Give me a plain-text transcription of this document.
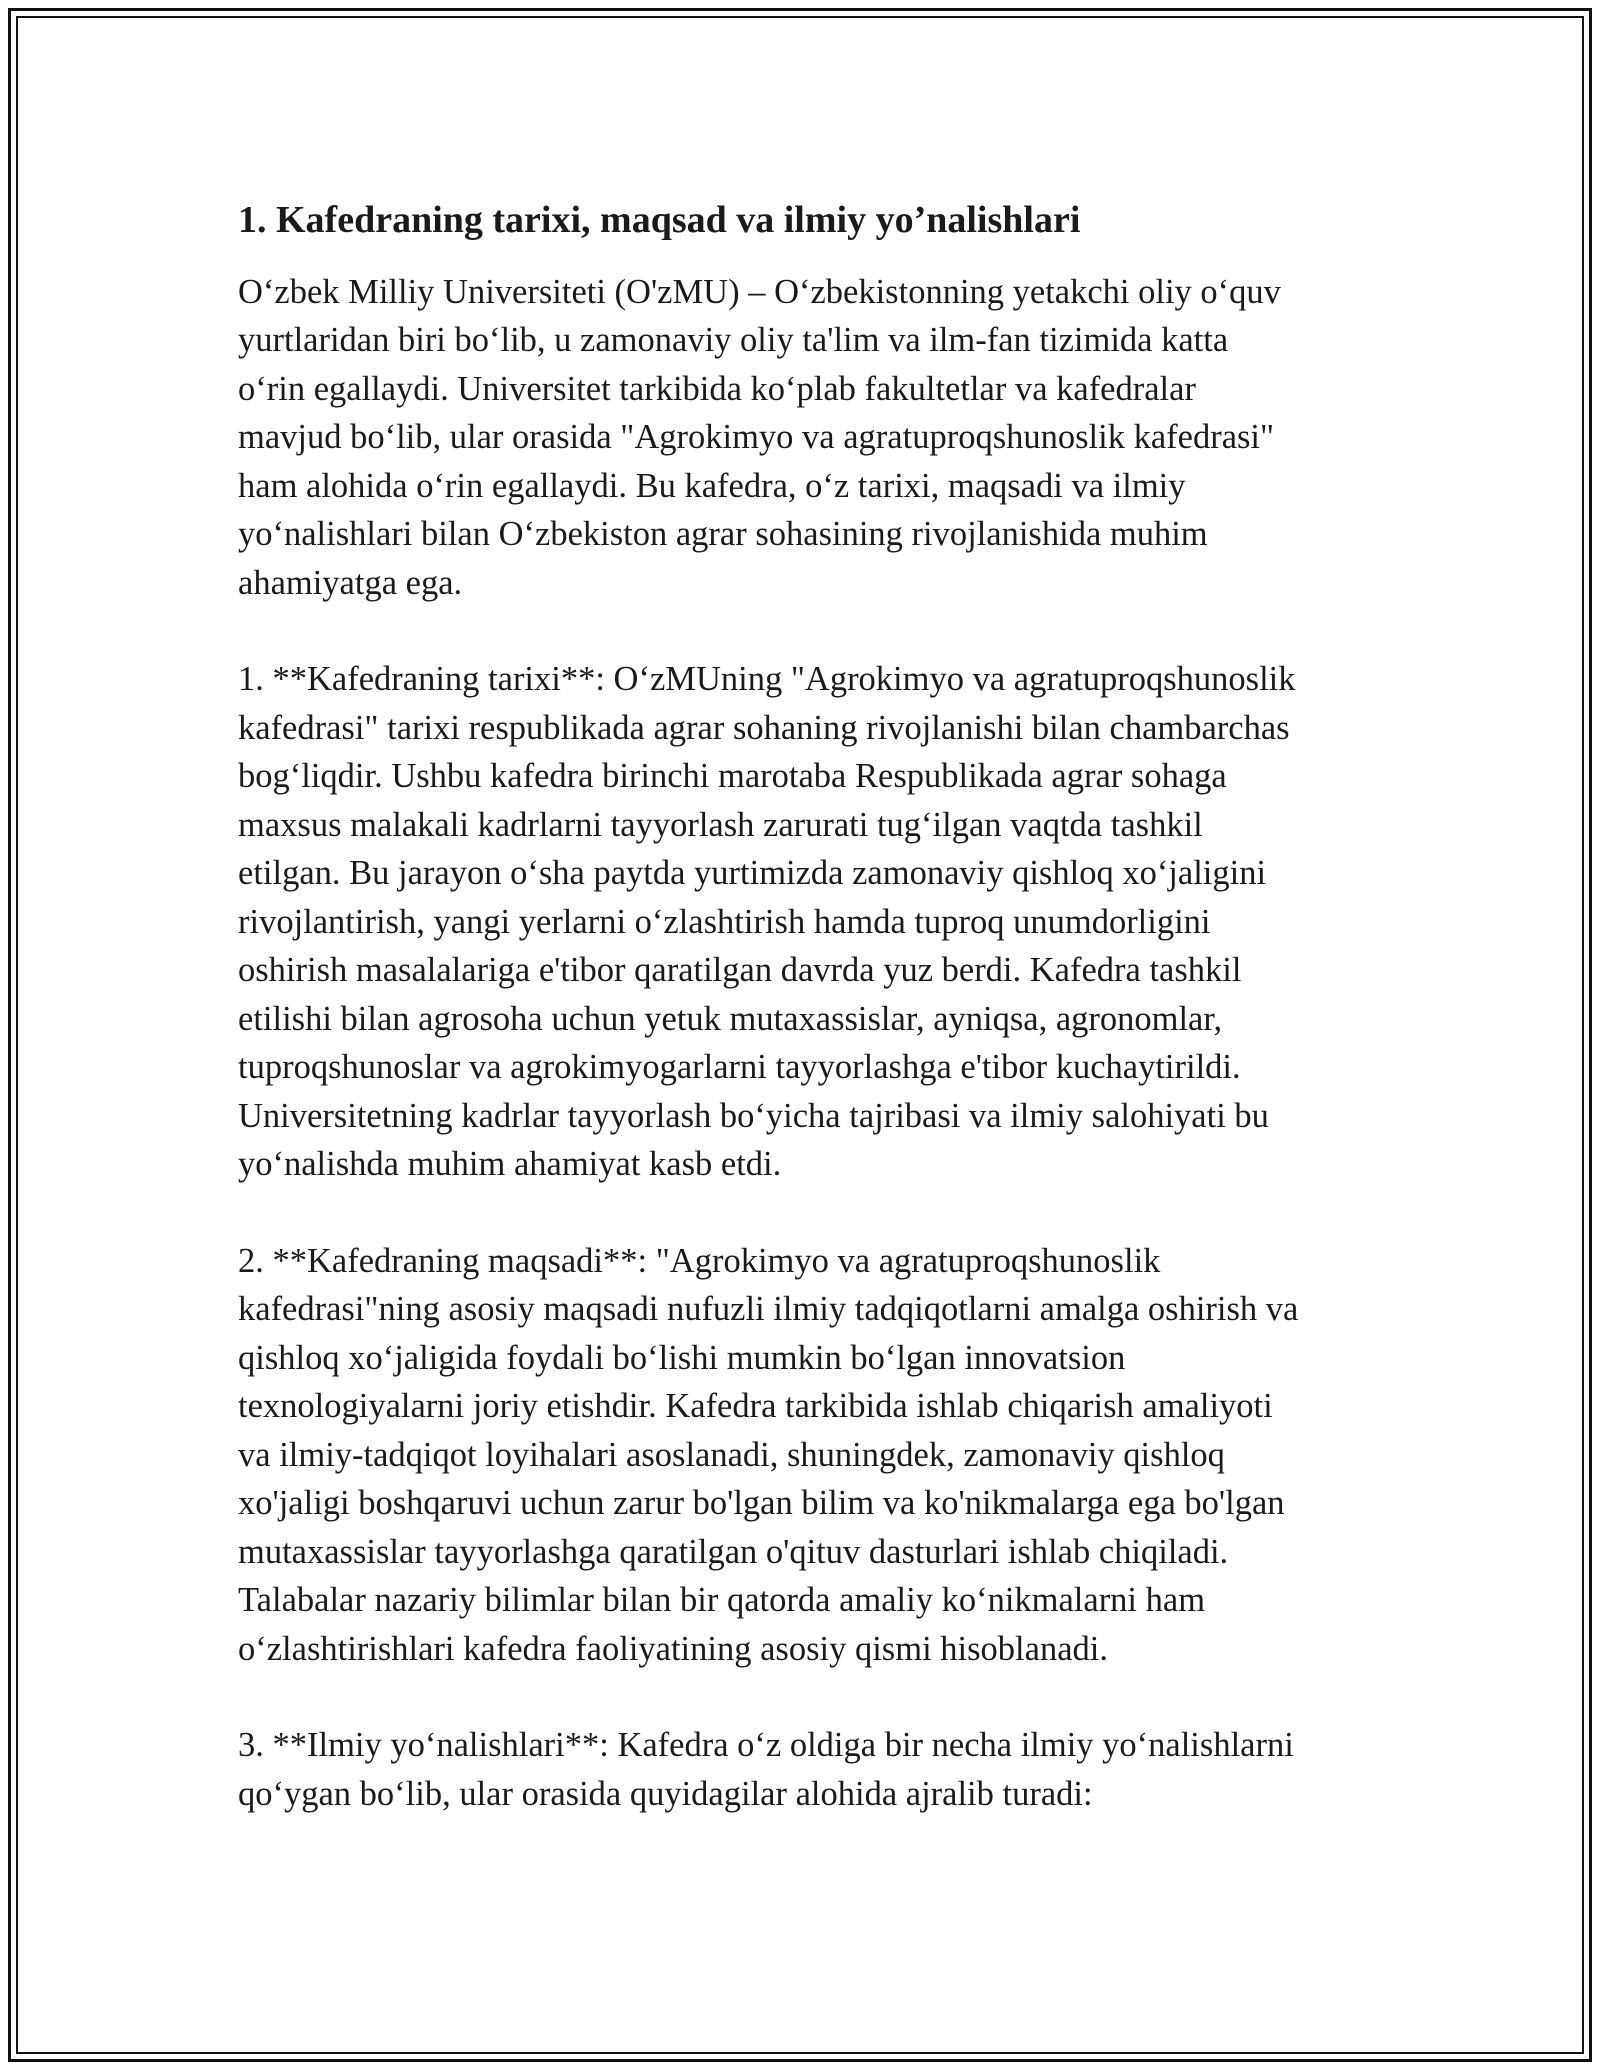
1. Kafedraning tarixi, maqsad va ilmiy yo’nalishlari

O‘zbek Milliy Universiteti (O'zMU) – O‘zbekistonning yetakchi oliy o‘quv
yurtlaridan biri bo‘lib, u zamonaviy oliy ta'lim va ilm-fan tizimida katta
o‘rin egallaydi. Universitet tarkibida ko‘plab fakultetlar va kafedralar
mavjud bo‘lib, ular orasida "Agrokimyo va agratuproqshunoslik kafedrasi"
ham alohida o‘rin egallaydi. Bu kafedra, o‘z tarixi, maqsadi va ilmiy
yo‘nalishlari bilan O‘zbekiston agrar sohasining rivojlanishida muhim
ahamiyatga ega.

1. **Kafedraning tarixi**: O‘zMUning "Agrokimyo va agratuproqshunoslik
kafedrasi" tarixi respublikada agrar sohaning rivojlanishi bilan chambarchas
bog‘liqdir. Ushbu kafedra birinchi marotaba Respublikada agrar sohaga
maxsus malakali kadrlarni tayyorlash zarurati tug‘ilgan vaqtda tashkil
etilgan. Bu jarayon o‘sha paytda yurtimizda zamonaviy qishloq xo‘jaligini
rivojlantirish, yangi yerlarni o‘zlashtirish hamda tuproq unumdorligini
oshirish masalalariga e'tibor qaratilgan davrda yuz berdi. Kafedra tashkil
etilishi bilan agrosoha uchun yetuk mutaxassislar, ayniqsa, agronomlar,
tuproqshunoslar va agrokimyogarlarni tayyorlashga e'tibor kuchaytirildi.
Universitetning kadrlar tayyorlash bo‘yicha tajribasi va ilmiy salohiyati bu
yo‘nalishda muhim ahamiyat kasb etdi.

2. **Kafedraning maqsadi**: "Agrokimyo va agratuproqshunoslik
kafedrasi"ning asosiy maqsadi nufuzli ilmiy tadqiqotlarni amalga oshirish va
qishloq xo‘jaligida foydali bo‘lishi mumkin bo‘lgan innovatsion
texnologiyalarni joriy etishdir. Kafedra tarkibida ishlab chiqarish amaliyoti
va ilmiy-tadqiqot loyihalari asoslanadi, shuningdek, zamonaviy qishloq
xo'jaligi boshqaruvi uchun zarur bo'lgan bilim va ko'nikmalarga ega bo'lgan
mutaxassislar tayyorlashga qaratilgan o'qituv dasturlari ishlab chiqiladi.
Talabalar nazariy bilimlar bilan bir qatorda amaliy ko‘nikmalarni ham
o‘zlashtirishlari kafedra faoliyatining asosiy qismi hisoblanadi.

3. **Ilmiy yo‘nalishlari**: Kafedra o‘z oldiga bir necha ilmiy yo‘nalishlarni
qo‘ygan bo‘lib, ular orasida quyidagilar alohida ajralib turadi:
